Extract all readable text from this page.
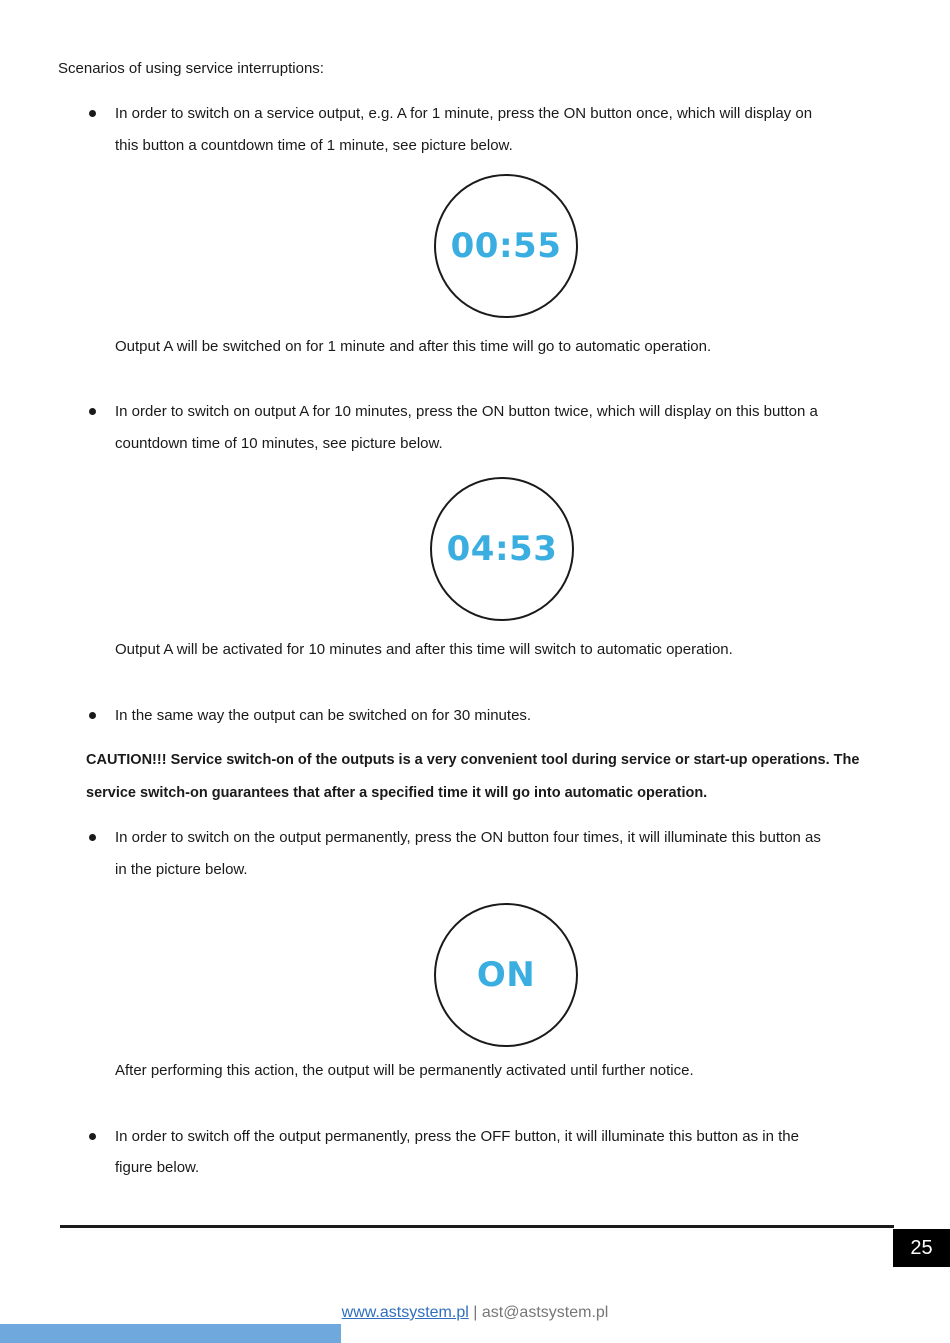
Scenarios of using service interruptions:
In order to switch on a service output, e.g. A for 1 minute, press the ON button once, which will display on
this button a countdown time of 1 minute, see picture below.
00:55
Output A will be switched on for 1 minute and after this time will go to automatic operation.
In order to switch on output A for 10 minutes, press the ON button twice, which will display on this button a
countdown time of 10 minutes, see picture below.
04:53
Output A will be activated for 10 minutes and after this time will switch to automatic operation.
In the same way the output can be switched on for 30 minutes.
CAUTION!!! Service switch-on of the outputs is a very convenient tool during service or start-up operations. The
service switch-on guarantees that after a specified time it will go into automatic operation.
In order to switch on the output permanently, press the ON button four times, it will illuminate this button as
in the picture below.
ON
After performing this action, the output will be permanently activated until further notice.
In order to switch off the output permanently, press the OFF button, it will illuminate this button as in the
figure below.
25
www.astsystem.pl | ast@astsystem.pl
